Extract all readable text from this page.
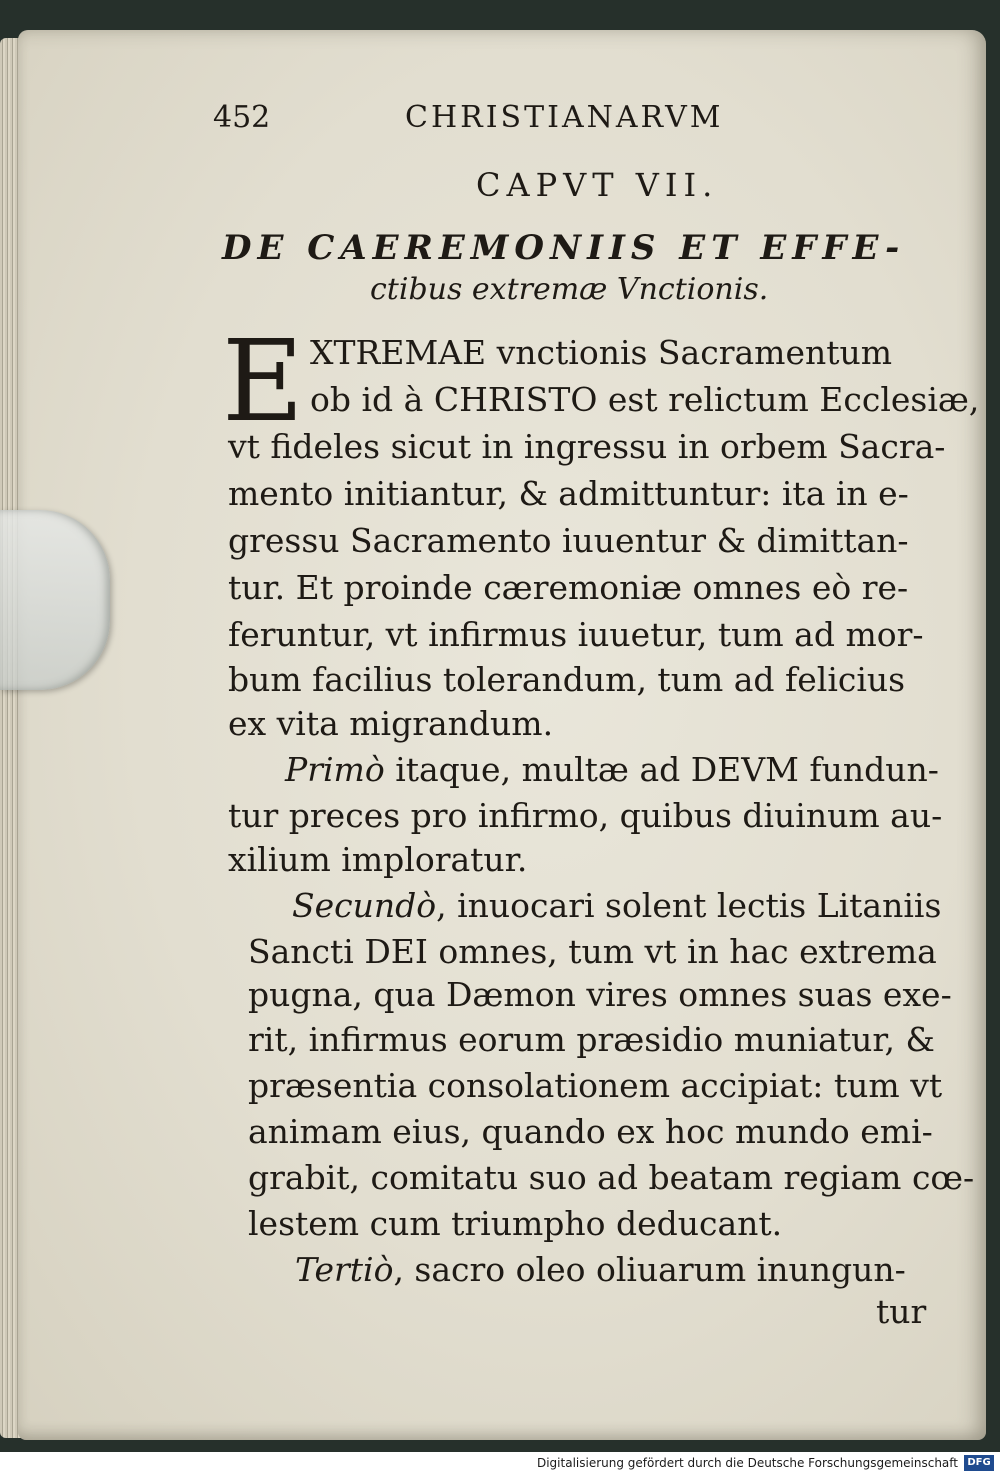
452	CHRISTIANARVM
CAPVT VII.
DE CAEREMONIIS ET EFFE-
ctibus extremæ Vnctionis.
E XTREMAE vnctionis Sacramentum
ob id à CHRISTO est relictum Ecclesiæ,
vt fideles sicut in ingressu in orbem Sacra-
mento initiantur, & admittuntur: ita in e-
gressu Sacramento iuuentur & dimittan-
tur. Et proinde cæremoniæ omnes eò re-
feruntur, vt infirmus iuuetur, tum ad mor-
bum facilius tolerandum, tum ad felicius
ex vita migrandum.
Primò itaque, multæ ad DEVM fundun-
tur preces pro infirmo, quibus diuinum au-
xilium imploratur.
Secundò, inuocari solent lectis Litaniis
Sancti DEI omnes, tum vt in hac extrema
pugna, qua Dæmon vires omnes suas exe-
rit, infirmus eorum præsidio muniatur, &
præsentia consolationem accipiat: tum vt
animam eius, quando ex hoc mundo emi-
grabit, comitatu suo ad beatam regiam cœ-
lestem cum triumpho deducant.
Tertiò, sacro oleo oliuarum inungun-
tur
Digitalisierung gefördert durch die Deutsche Forschungsgemeinschaft DFG
